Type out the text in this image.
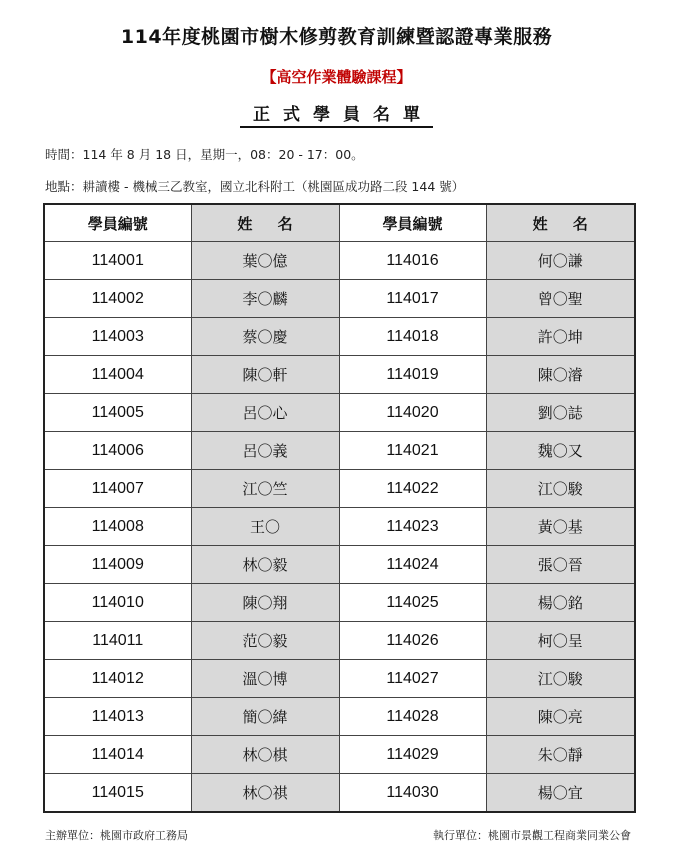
114年度桃園市樹木修剪教育訓練暨認證專業服務
【高空作業體驗課程】
正式學員名單
時間：114 年 8 月 18 日，星期一，08：20 - 17：00。
地點：耕讀樓 - 機械三乙教室，國立北科附工（桃園區成功路二段 144 號）
學員編號	姓 名	學員編號	姓 名
114001	葉〇億	114016	何〇謙
114002	李〇麟	114017	曾〇聖
114003	蔡〇慶	114018	許〇坤
114004	陳〇軒	114019	陳〇濬
114005	呂〇心	114020	劉〇誌
114006	呂〇義	114021	魏〇又
114007	江〇竺	114022	江〇駿
114008	王〇	114023	黃〇基
114009	林〇毅	114024	張〇晉
114010	陳〇翔	114025	楊〇銘
114011	范〇毅	114026	柯〇呈
114012	溫〇博	114027	江〇駿
114013	簡〇緯	114028	陳〇亮
114014	林〇棋	114029	朱〇靜
114015	林〇祺	114030	楊〇宜
主辦單位：桃園市政府工務局	執行單位：桃園市景觀工程商業同業公會
